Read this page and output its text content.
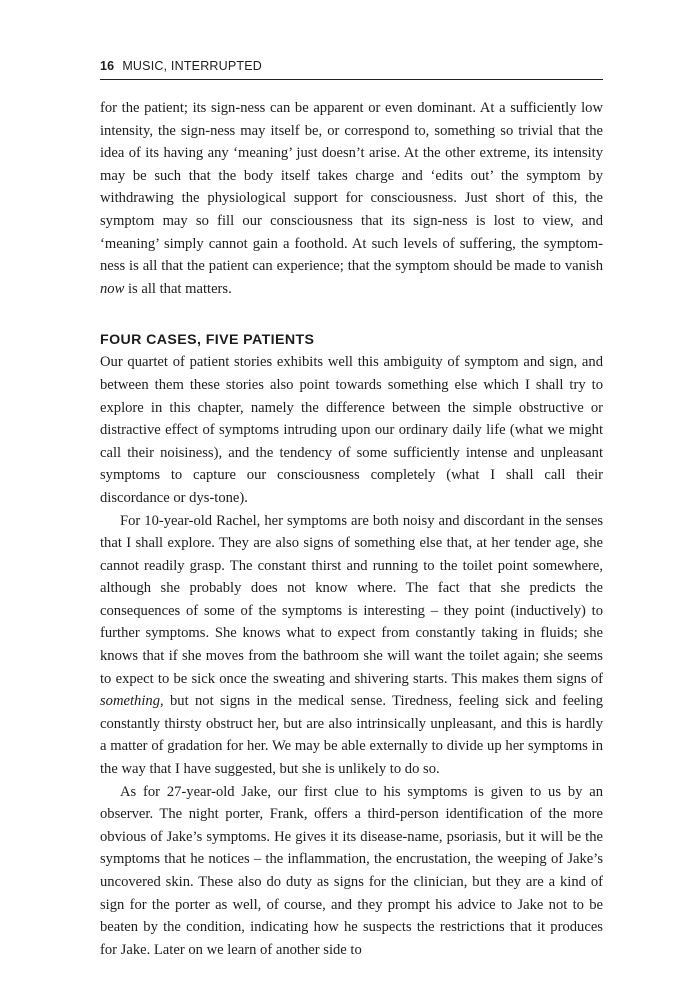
16 MUSIC, INTERRUPTED

for the patient; its sign-ness can be apparent or even dominant. At a sufficiently low intensity, the sign-ness may itself be, or correspond to, something so trivial that the idea of its having any ‘meaning’ just doesn’t arise. At the other extreme, its intensity may be such that the body itself takes charge and ‘edits out’ the symptom by withdrawing the physiological support for consciousness. Just short of this, the symptom may so fill our consciousness that its sign-ness is lost to view, and ‘meaning’ simply cannot gain a foothold. At such levels of suffering, the symptom-ness is all that the patient can experience; that the symptom should be made to vanish now is all that matters.

FOUR CASES, FIVE PATIENTS

Our quartet of patient stories exhibits well this ambiguity of symptom and sign, and between them these stories also point towards something else which I shall try to explore in this chapter, namely the difference between the simple obstructive or distractive effect of symptoms intruding upon our ordinary daily life (what we might call their noisiness), and the tendency of some sufficiently intense and unpleasant symptoms to capture our consciousness completely (what I shall call their discordance or dys-tone).

For 10-year-old Rachel, her symptoms are both noisy and discordant in the senses that I shall explore. They are also signs of something else that, at her tender age, she cannot readily grasp. The constant thirst and running to the toilet point somewhere, although she probably does not know where. The fact that she predicts the consequences of some of the symptoms is interesting – they point (inductively) to further symptoms. She knows what to expect from constantly taking in fluids; she knows that if she moves from the bathroom she will want the toilet again; she seems to expect to be sick once the sweating and shivering starts. This makes them signs of something, but not signs in the medical sense. Tiredness, feeling sick and feeling constantly thirsty obstruct her, but are also intrinsically unpleasant, and this is hardly a matter of gradation for her. We may be able externally to divide up her symptoms in the way that I have suggested, but she is unlikely to do so.

As for 27-year-old Jake, our first clue to his symptoms is given to us by an observer. The night porter, Frank, offers a third-person identification of the more obvious of Jake’s symptoms. He gives it its disease-name, psoriasis, but it will be the symptoms that he notices – the inflammation, the encrustation, the weeping of Jake’s uncovered skin. These also do duty as signs for the clinician, but they are a kind of sign for the porter as well, of course, and they prompt his advice to Jake not to be beaten by the condition, indicating how he suspects the restrictions that it produces for Jake. Later on we learn of another side to
